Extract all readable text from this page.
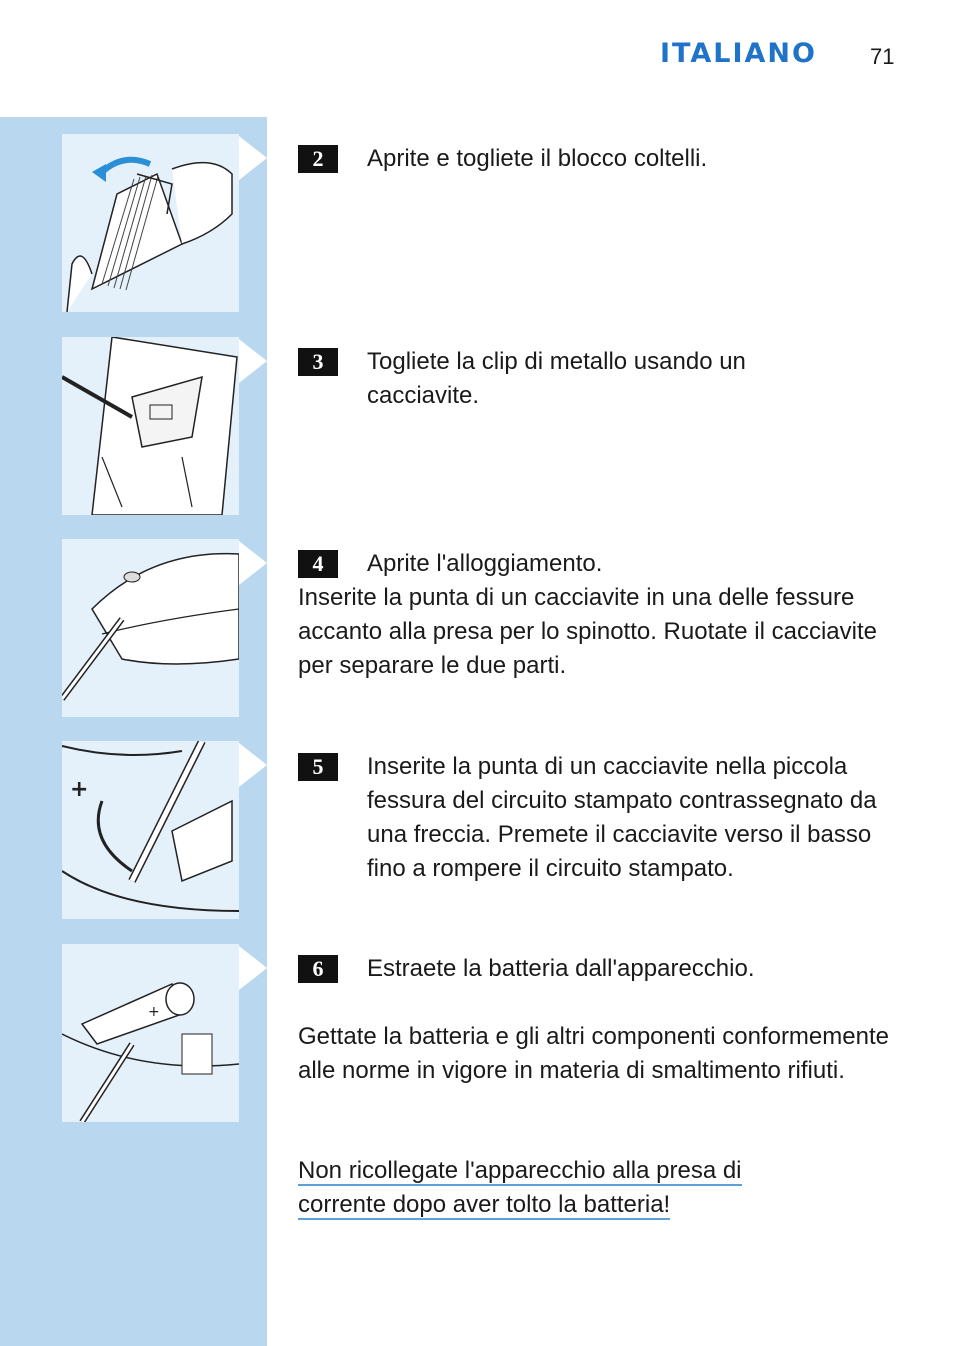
ITALIANO 71
+
+
2	Aprite e togliete il blocco coltelli.
3	Togliete la clip di metallo usando un cacciavite.
4	Aprite l'alloggiamento.
Inserite la punta di un cacciavite in una delle fessure accanto alla presa per lo spinotto. Ruotate il cacciavite per separare le due parti.
5	Inserite la punta di un cacciavite nella piccola fessura del circuito stampato contrassegnato da una freccia. Premete il cacciavite verso il basso fino a rompere il circuito stampato.
6	Estraete la batteria dall'apparecchio.
Gettate la batteria e gli altri componenti conformemente alle norme in vigore in materia di smaltimento rifiuti.
Non ricollegate l'apparecchio alla presa di
corrente dopo aver tolto la batteria!
